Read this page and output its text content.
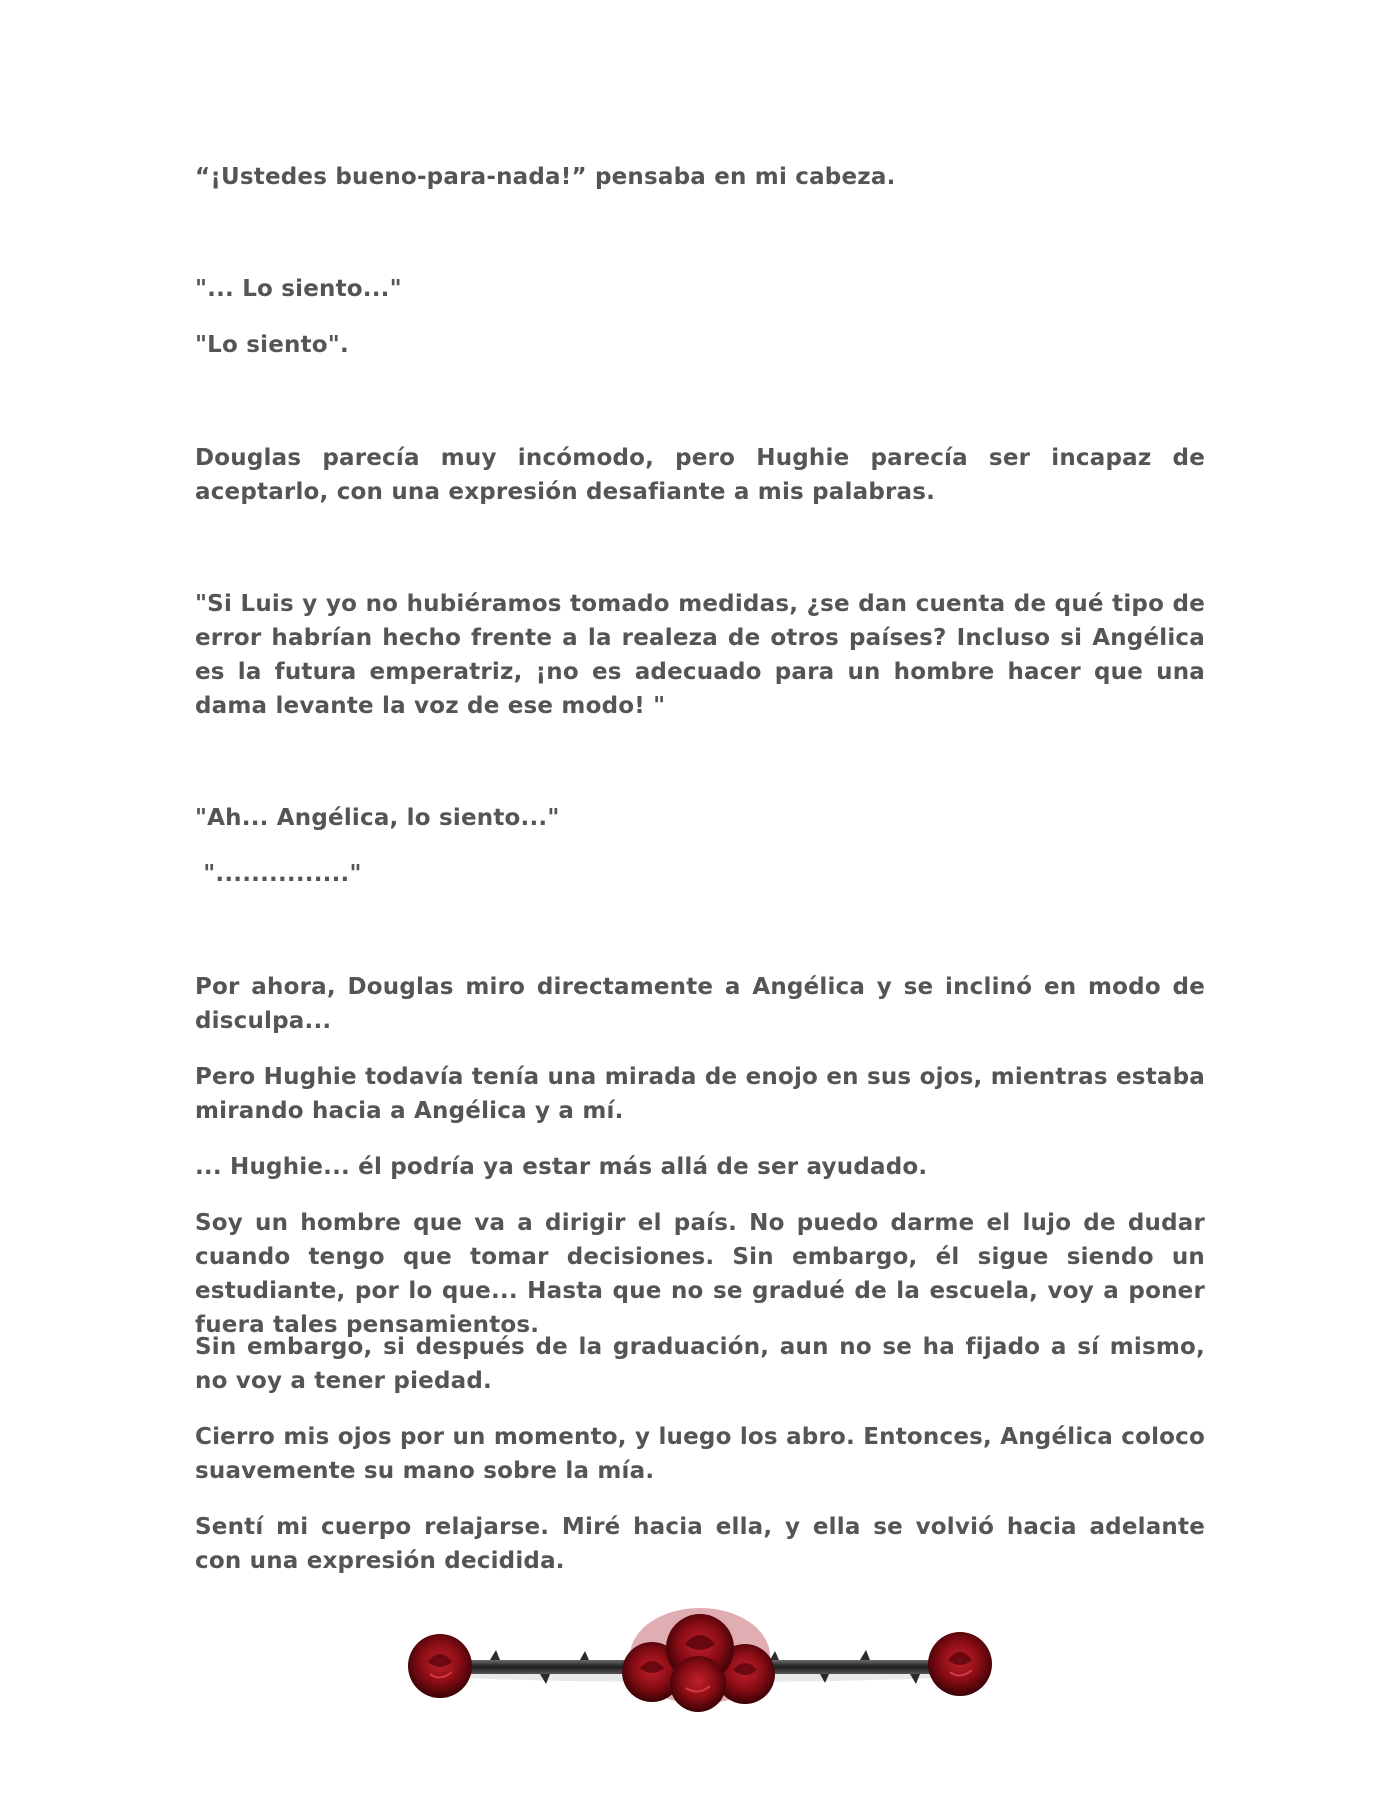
“¡Ustedes bueno-para-nada!” pensaba en mi cabeza.

"... Lo siento..."

"Lo siento".

Douglas parecía muy incómodo, pero Hughie parecía ser incapaz de aceptarlo, con una expresión desafiante a mis palabras.

"Si Luis y yo no hubiéramos tomado medidas, ¿se dan cuenta de qué tipo de error habrían hecho frente a la realeza de otros países? Incluso si Angélica es la futura emperatriz, ¡no es adecuado para un hombre hacer que una dama levante la voz de ese modo! "

"Ah... Angélica, lo siento..."

"..............."

Por ahora, Douglas miro directamente a Angélica y se inclinó en modo de disculpa...

Pero Hughie todavía tenía una mirada de enojo en sus ojos, mientras estaba mirando hacia a Angélica y a mí.

... Hughie... él podría ya estar más allá de ser ayudado.

Soy un hombre que va a dirigir el país. No puedo darme el lujo de dudar cuando tengo que tomar decisiones. Sin embargo, él sigue siendo un estudiante, por lo que... Hasta que no se gradué de la escuela, voy a poner fuera tales pensamientos.

Sin embargo, si después de la graduación, aun no se ha fijado a sí mismo, no voy a tener piedad.

Cierro mis ojos por un momento, y luego los abro. Entonces, Angélica coloco suavemente su mano sobre la mía.

Sentí mi cuerpo relajarse. Miré hacia ella, y ella se volvió hacia adelante con una expresión decidida.
